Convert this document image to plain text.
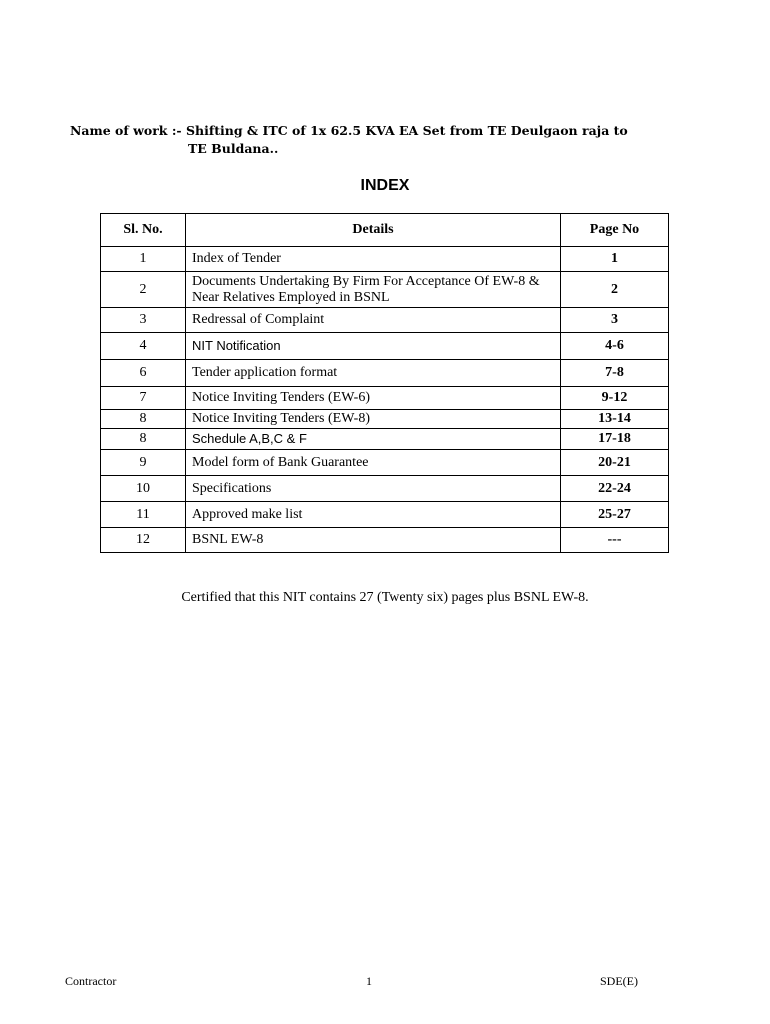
Name of work :- Shifting & ITC of 1x 62.5 KVA EA Set from TE Deulgaon raja to
TE Buldana..
INDEX
Sl. No.	Details	Page No
1	Index of Tender	1
2	Documents Undertaking By Firm For Acceptance Of EW-8 & Near Relatives Employed in BSNL	2
3	Redressal of Complaint	3
4	NIT Notification	4-6
6	Tender application format	7-8
7	Notice Inviting Tenders (EW-6)	9-12
8	Notice Inviting Tenders (EW-8)	13-14
8	Schedule A,B,C & F	17-18
9	Model form of Bank Guarantee	20-21
10	Specifications	22-24
11	Approved make list	25-27
12	BSNL EW-8	---
Certified that this NIT contains 27 (Twenty six) pages plus BSNL EW-8.
Contractor	1	SDE(E)
